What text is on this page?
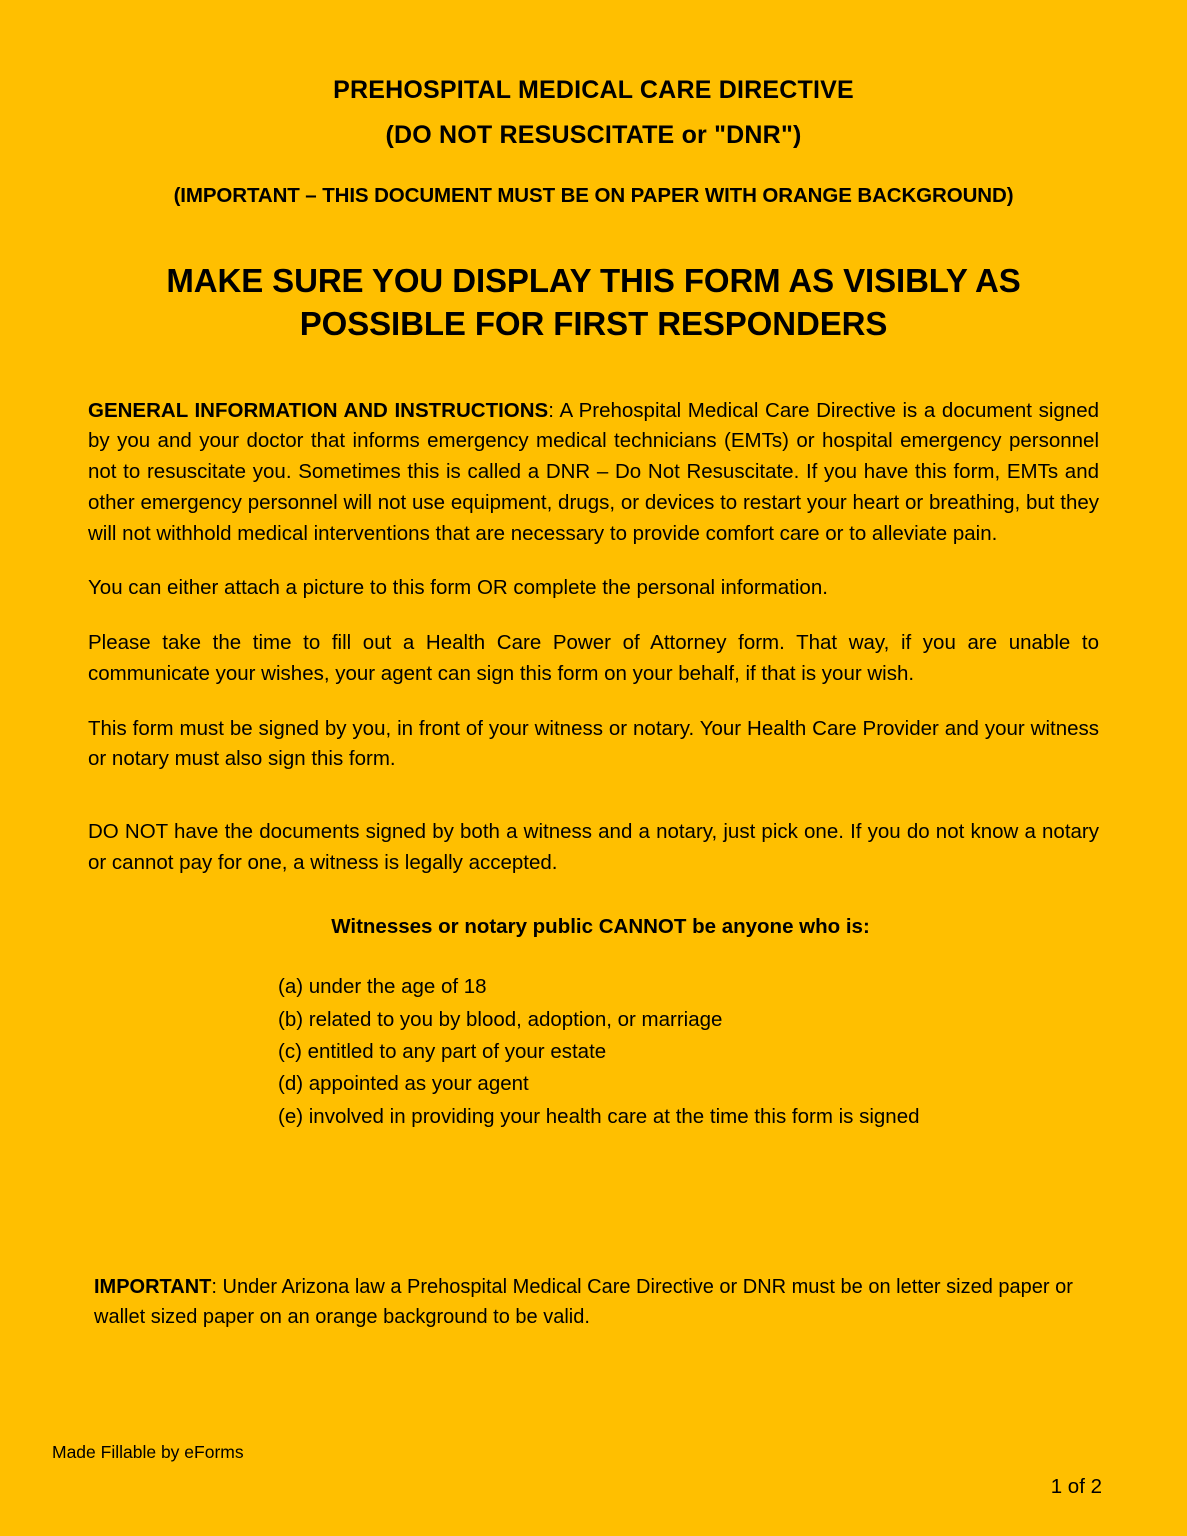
PREHOSPITAL MEDICAL CARE DIRECTIVE
(DO NOT RESUSCITATE or "DNR")
(IMPORTANT – THIS DOCUMENT MUST BE ON PAPER WITH ORANGE BACKGROUND)
MAKE SURE YOU DISPLAY THIS FORM AS VISIBLY AS POSSIBLE FOR FIRST RESPONDERS

GENERAL INFORMATION AND INSTRUCTIONS: A Prehospital Medical Care Directive is a document signed by you and your doctor that informs emergency medical technicians (EMTs) or hospital emergency personnel not to resuscitate you. Sometimes this is called a DNR – Do Not Resuscitate. If you have this form, EMTs and other emergency personnel will not use equipment, drugs, or devices to restart your heart or breathing, but they will not withhold medical interventions that are necessary to provide comfort care or to alleviate pain.

You can either attach a picture to this form OR complete the personal information.

Please take the time to fill out a Health Care Power of Attorney form. That way, if you are unable to communicate your wishes, your agent can sign this form on your behalf, if that is your wish.

This form must be signed by you, in front of your witness or notary. Your Health Care Provider and your witness or notary must also sign this form.

DO NOT have the documents signed by both a witness and a notary, just pick one. If you do not know a notary or cannot pay for one, a witness is legally accepted.

Witnesses or notary public CANNOT be anyone who is:
(a) under the age of 18
(b) related to you by blood, adoption, or marriage
(c) entitled to any part of your estate
(d) appointed as your agent
(e) involved in providing your health care at the time this form is signed
IMPORTANT: Under Arizona law a Prehospital Medical Care Directive or DNR must be on letter sized paper or wallet sized paper on an orange background to be valid.
Made Fillable by eForms
1 of 2
